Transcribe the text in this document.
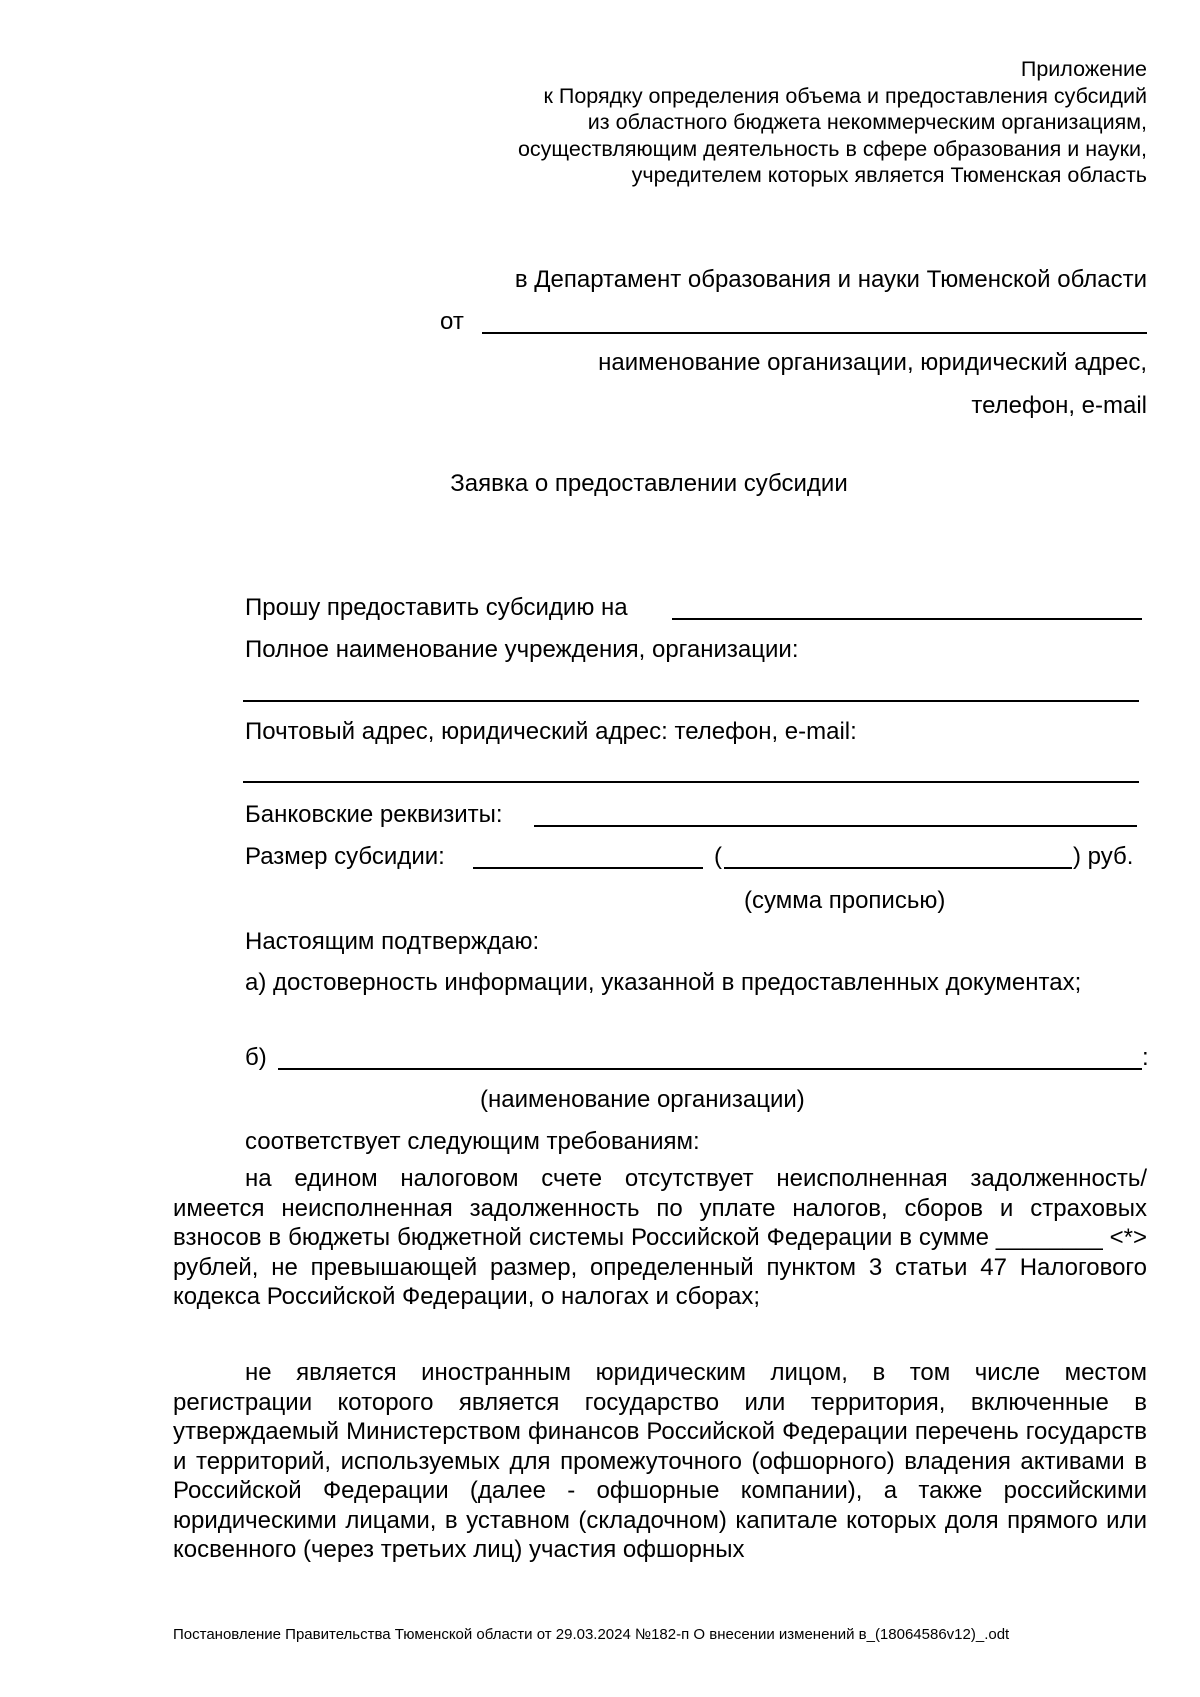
Приложение
к Порядку определения объема и предоставления субсидий
из областного бюджета некоммерческим организациям,
осуществляющим деятельность в сфере образования и науки,
учредителем которых является Тюменская область
в Департамент образования и науки Тюменской области
от
наименование организации, юридический адрес,
телефон, e-mail
Заявка о предоставлении субсидии
Прошу предоставить субсидию на
Полное наименование учреждения, организации:
Почтовый адрес, юридический адрес: телефон, e-mail:
Банковские реквизиты:
Размер субсидии:	(	) руб.
(сумма прописью)
Настоящим подтверждаю:
а) достоверность информации, указанной в предоставленных документах;
б)	:
(наименование организации)
соответствует следующим требованиям:
на едином налоговом счете отсутствует неисполненная задолженность/ имеется неисполненная задолженность по уплате налогов, сборов и страховых взносов в бюджеты бюджетной системы Российской Федерации в сумме ________ <*> рублей, не превышающей размер, определенный пунктом 3 статьи 47 Налогового кодекса Российской Федерации, о налогах и сборах;
не является иностранным юридическим лицом, в том числе местом регистрации которого является государство или территория, включенные в утверждаемый Министерством финансов Российской Федерации перечень государств и территорий, используемых для промежуточного (офшорного) владения активами в Российской Федерации (далее - офшорные компании), а также российскими юридическими лицами, в уставном (складочном) капитале которых доля прямого или косвенного (через третьих лиц) участия офшорных
Постановление Правительства Тюменской области от 29.03.2024 №182-п О внесении изменений в_(18064586v12)_.odt
